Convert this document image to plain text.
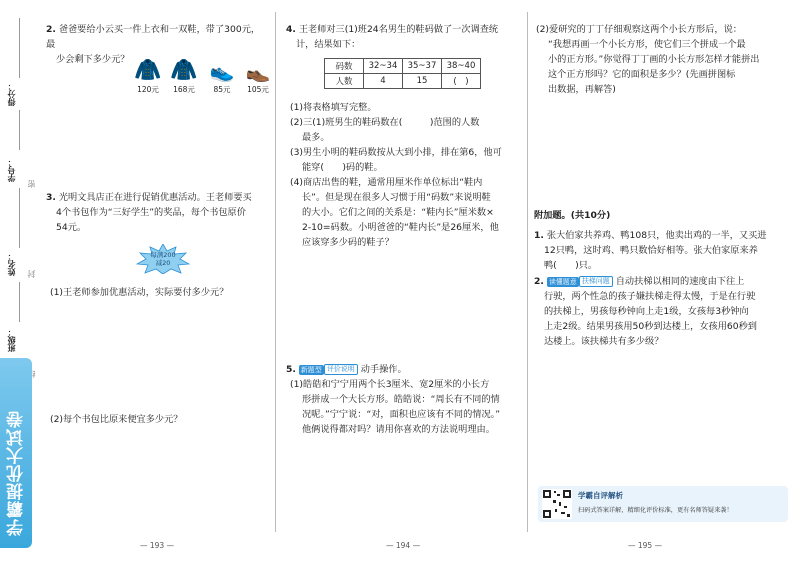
得分：
学号：
密
姓名： 封
班级：
学霸提优大试卷
2. 爸爸要给小云买一件上衣和一双鞋，带了300元，最
少会剩下多少元？ 🧥
120元
🧥
168元
👟
85元
👞
105元
3. 光明文具店正在进行促销优惠活动。王老师要买
4个书包作为“三好学生”的奖品，每个书包原价
54元。
每满200
减20
(1)王老师参加优惠活动，实际要付多少元？
(2)每个书包比原来便宜多少元？
— 193 —
4. 王老师对三(1)班24名男生的鞋码做了一次调查统
计，结果如下：
码数	32~34	35~37	38~40
人数	4	15	(　)
(1)将表格填写完整。
(2)三(1)班男生的鞋码数在(　　　)范围的人数
最多。
(3)男生小明的鞋码数按从大到小排，排在第6，他可
能穿(　　)码的鞋。
(4)商店出售的鞋，通常用厘米作单位标出“鞋内
长”。但是现在很多人习惯于用“码数”来说明鞋
的大小。它们之间的关系是：“鞋内长”厘米数×
2-10=码数。小明爸爸的“鞋内长”是26厘米，他
应该穿多少码的鞋子？
5. 新题型 评价说明 动手操作。
(1)皓皓和宁宁用两个长3厘米、宽2厘米的小长方
形拼成一个大长方形。皓皓说：“周长有不同的情
况呢。”宁宁说：“对，面积也应该有不同的情况。”
他俩说得都对吗？请用你喜欢的方法说明理由。
— 194 —
(2)爱研究的丁丁仔细观察这两个小长方形后，说：
“我想再画一个小长方形，使它们三个拼成一个最
小的正方形。”你觉得丁丁画的小长方形怎样才能拼出
这个正方形吗？它的面积是多少？(先画拼图标
出数据，再解答)
附加题。(共10分)
1. 张大伯家共养鸡、鸭108只，他卖出鸡的一半，又买进
12只鸭，这时鸡、鸭只数恰好相等。张大伯家原来养
鸭(　　)只。
2. 读懂题意 扶梯问题 自动扶梯以相同的速度由下往上
行驶，两个性急的孩子嫌扶梯走得太慢，于是在行驶
的扶梯上，男孩每秒钟向上走1级，女孩每3秒钟向
上走2级。结果男孩用50秒到达楼上，女孩用60秒到
达楼上。该扶梯共有多少级？
学霸自评解析
扫码式答案详解，精细化评价标准，更有名师答疑来袭！
— 195 —
